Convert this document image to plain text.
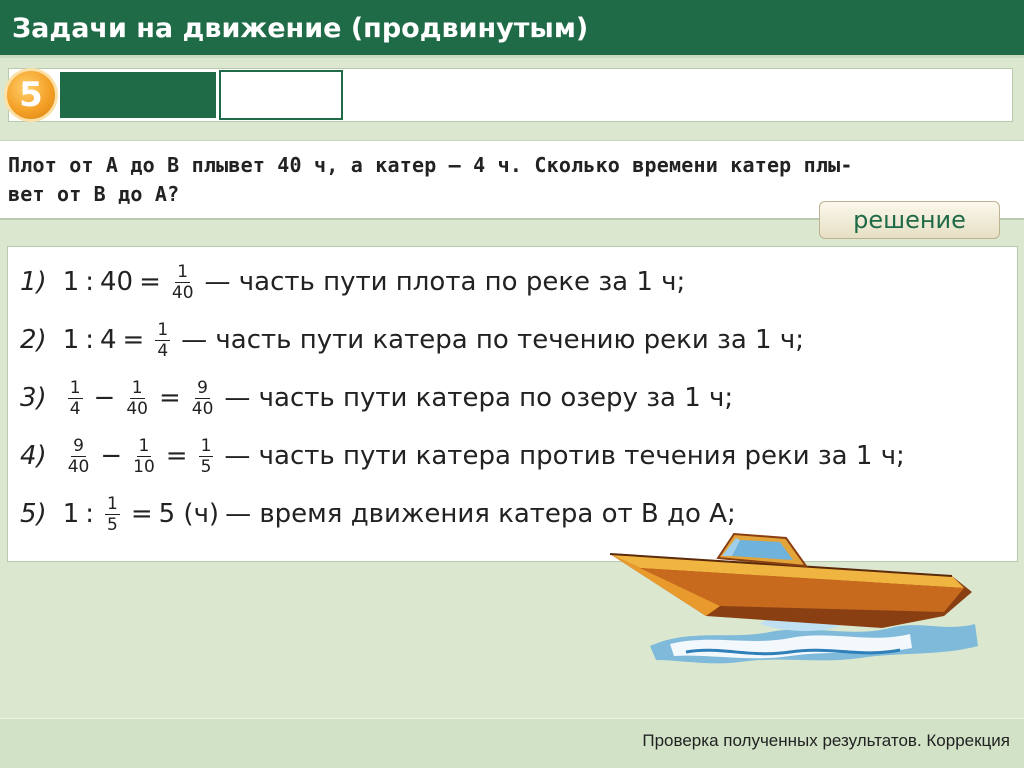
Задачи на движение (продвинутым)
5
Плот от А до В плывет 40 ч, а катер — 4 ч. Сколько времени катер плы-
вет от В до А?
решение
1) 1 : $40 = \frac{1}{40}$ — часть пути плота по реке за 1 ч;
2) 1 : $4 = \frac{1}{4}$ — часть пути катера по течению реки за 1 ч;
$3) \frac{1}{4} - \frac{1}{40} = \frac{9}{40}$ — часть пути катера по озеру за 1 ч;
$4) \frac{9}{40} - \frac{1}{10} = \frac{1}{5}$ — часть пути катера против течения реки за 1 ч;
5) 1 : $\frac{1}{5} = 5$ (ч) — время движения катера от В до А;
Проверка полученных результатов. Коррекция
